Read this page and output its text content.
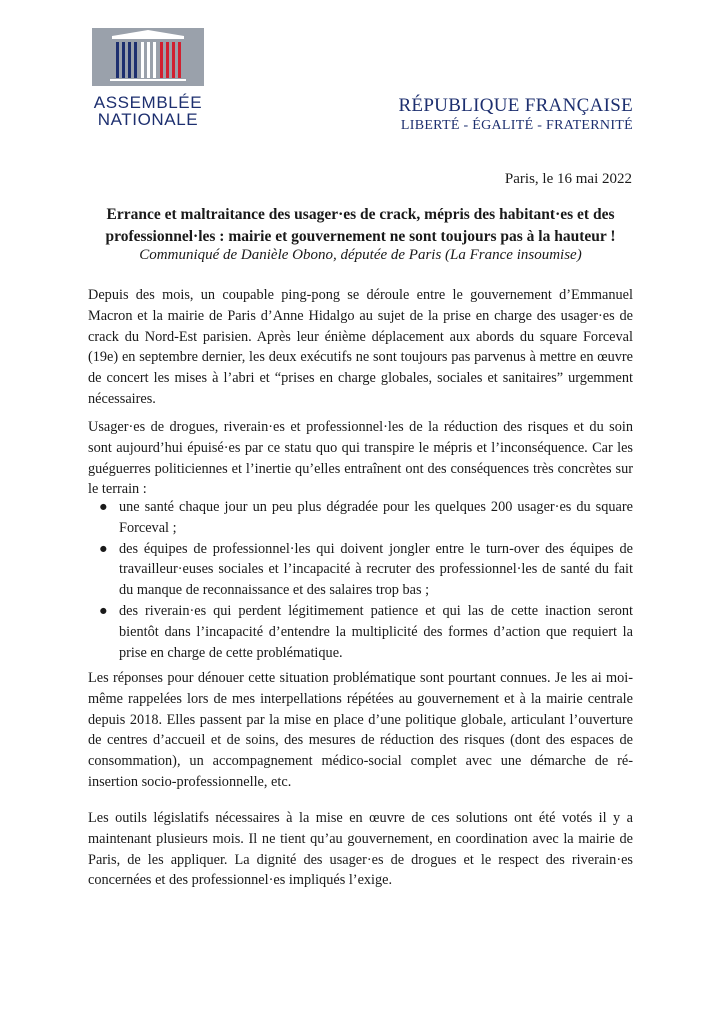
ASSEMBLÉE
NATIONALE
RÉPUBLIQUE FRANÇAISE
LIBERTÉ - ÉGALITÉ - FRATERNITÉ
Paris, le 16 mai 2022
Errance et maltraitance des usager·es de crack, mépris des habitant·es et des professionnel·les : mairie et gouvernement ne sont toujours pas à la hauteur !
Communiqué de Danièle Obono, députée de Paris (La France insoumise)
Depuis des mois, un coupable ping-pong se déroule entre le gouvernement d’Emmanuel Macron et la mairie de Paris d’Anne Hidalgo au sujet de la prise en charge des usager·es de crack du Nord-Est parisien. Après leur énième déplacement aux abords du square Forceval (19e) en septembre dernier, les deux exécutifs ne sont toujours pas parvenus à mettre en œuvre de concert les mises à l’abri et “prises en charge globales, sociales et sanitaires” urgemment nécessaires.
Usager·es de drogues, riverain·es et professionnel·les de la réduction des risques et du soin sont aujourd’hui épuisé·es par ce statu quo qui transpire le mépris et l’inconséquence. Car les guéguerres politiciennes et l’inertie qu’elles entraînent ont des conséquences très concrètes sur le terrain :
● une santé chaque jour un peu plus dégradée pour les quelques 200 usager·es du square Forceval ;
● des équipes de professionnel·les qui doivent jongler entre le turn-over des équipes de travailleur·euses sociales et l’incapacité à recruter des professionnel·les de santé du fait du manque de reconnaissance et des salaires trop bas ;
● des riverain·es qui perdent légitimement patience et qui las de cette inaction seront bientôt dans l’incapacité d’entendre la multiplicité des formes d’action que requiert la prise en charge de cette problématique.
Les réponses pour dénouer cette situation problématique sont pourtant connues. Je les ai moi-même rappelées lors de mes interpellations répétées au gouvernement et à la mairie centrale depuis 2018. Elles passent par la mise en place d’une politique globale, articulant l’ouverture de centres d’accueil et de soins, des mesures de réduction des risques (dont des espaces de consommation), un accompagnement médico-social complet avec une démarche de ré-insertion socio-professionnelle, etc.
Les outils législatifs nécessaires à la mise en œuvre de ces solutions ont été votés il y a maintenant plusieurs mois. Il ne tient qu’au gouvernement, en coordination avec la mairie de Paris, de les appliquer. La dignité des usager·es de drogues et le respect des riverain·es concernées et des professionnel·es impliqués l’exige.
